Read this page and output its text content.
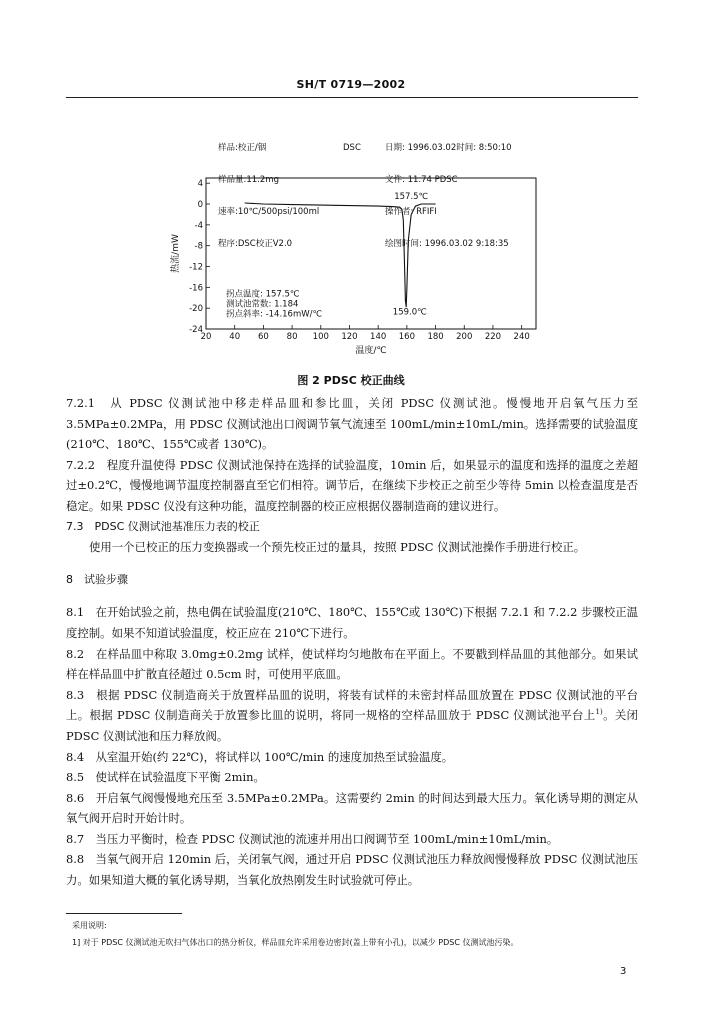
SH/T 0719—2002

样品:校正/铟

样品量:11.2mg

速率:10℃/500psi/100ml

程序:DSC校正V2.0

DSC

	日期: 1996.03.02时间: 8:50:10

文件: 11.74 PDSC

操作者: RFIFI

绘图时间: 1996.03.02 9:18:35

20 40 60 80 100 120 140 160 180 200 220 240
4
0
-4
-8
-12
-16
-20
-24
157.5℃
159.0℃
温度/℃
热流/mW
拐点温度: 157.5℃
测试池常数: 1.184
拐点斜率: -14.16mW/℃
图 2 PDSC 校正曲线

7.2.1　从 PDSC 仪测试池中移走样品皿和参比皿，关闭 PDSC 仪测试池。慢慢地开启氧气压力至 3.5MPa±0.2MPa，用 PDSC 仪测试池出口阀调节氧气流速至 100mL/min±10mL/min。选择需要的试验温度(210℃、180℃、155℃或者 130℃)。

7.2.2　程度升温使得 PDSC 仪测试池保持在选择的试验温度，10min 后，如果显示的温度和选择的温度之差超过±0.2℃，慢慢地调节温度控制器直至它们相符。调节后，在继续下步校正之前至少等待 5min 以检查温度是否稳定。如果 PDSC 仪没有这种功能，温度控制器的校正应根据仪器制造商的建议进行。

7.3　PDSC 仪测试池基准压力表的校正

使用一个已校正的压力变换器或一个预先校正过的量具，按照 PDSC 仪测试池操作手册进行校正。

8　试验步骤

8.1　在开始试验之前，热电偶在试验温度(210℃、180℃、155℃或 130℃)下根据 7.2.1 和 7.2.2 步骤校正温度控制。如果不知道试验温度，校正应在 210℃下进行。

8.2　在样品皿中称取 3.0mg±0.2mg 试样，使试样均匀地散布在平面上。不要戳到样品皿的其他部分。如果试样在样品皿中扩散直径超过 0.5cm 时，可使用平底皿。

8.3　根据 PDSC 仪制造商关于放置样品皿的说明，将装有试样的未密封样品皿放置在 PDSC 仪测试池的平台上。根据 PDSC 仪制造商关于放置参比皿的说明，将同一规格的空样品皿放于 PDSC 仪测试池平台上$^{1)}$。关闭 PDSC 仪测试池和压力释放阀。

8.4　从室温开始(约 22℃)，将试样以 100℃/min 的速度加热至试验温度。

8.5　使试样在试验温度下平衡 2min。

8.6　开启氧气阀慢慢地充压至 3.5MPa±0.2MPa。这需要约 2min 的时间达到最大压力。氧化诱导期的测定从氧气阀开启时开始计时。

8.7　当压力平衡时，检查 PDSC 仪测试池的流速并用出口阀调节至 100mL/min±10mL/min。

8.8　当氧气阀开启 120min 后，关闭氧气阀，通过开启 PDSC 仪测试池压力释放阀慢慢释放 PDSC 仪测试池压力。如果知道大概的氧化诱导期，当氧化放热刚发生时试验就可停止。

采用说明:
1] 对于 PDSC 仪测试池无吹扫气体出口的热分析仪，样品皿允许采用卷边密封(盖上带有小孔)，以减少 PDSC 仪测试池污染。
3
